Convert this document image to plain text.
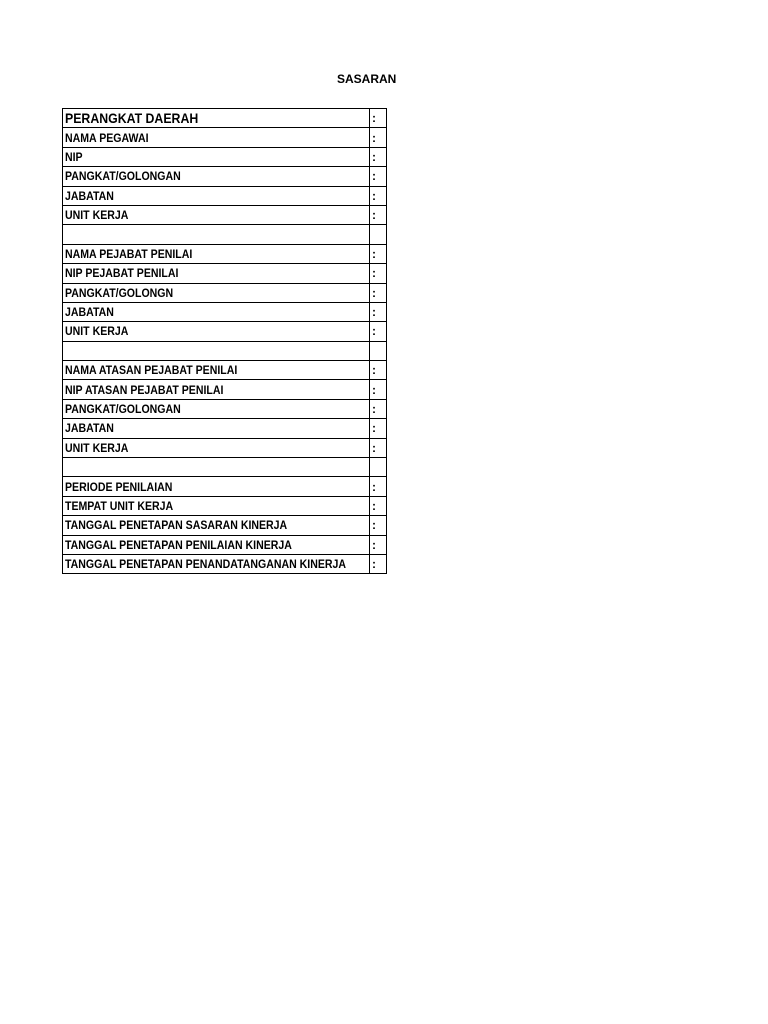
SASARAN
PERANGKAT DAERAH	:
NAMA PEGAWAI	:
NIP	:
PANGKAT/GOLONGAN	:
JABATAN	:
UNIT KERJA	:

NAMA PEJABAT PENILAI	:
NIP PEJABAT PENILAI	:
PANGKAT/GOLONGN	:
JABATAN	:
UNIT KERJA	:

NAMA ATASAN PEJABAT PENILAI	:
NIP ATASAN PEJABAT PENILAI	:
PANGKAT/GOLONGAN	:
JABATAN	:
UNIT KERJA	:

PERIODE PENILAIAN	:
TEMPAT UNIT KERJA	:
TANGGAL PENETAPAN SASARAN KINERJA	:
TANGGAL PENETAPAN PENILAIAN KINERJA	:
TANGGAL PENETAPAN PENANDATANGANAN KINERJA	:
